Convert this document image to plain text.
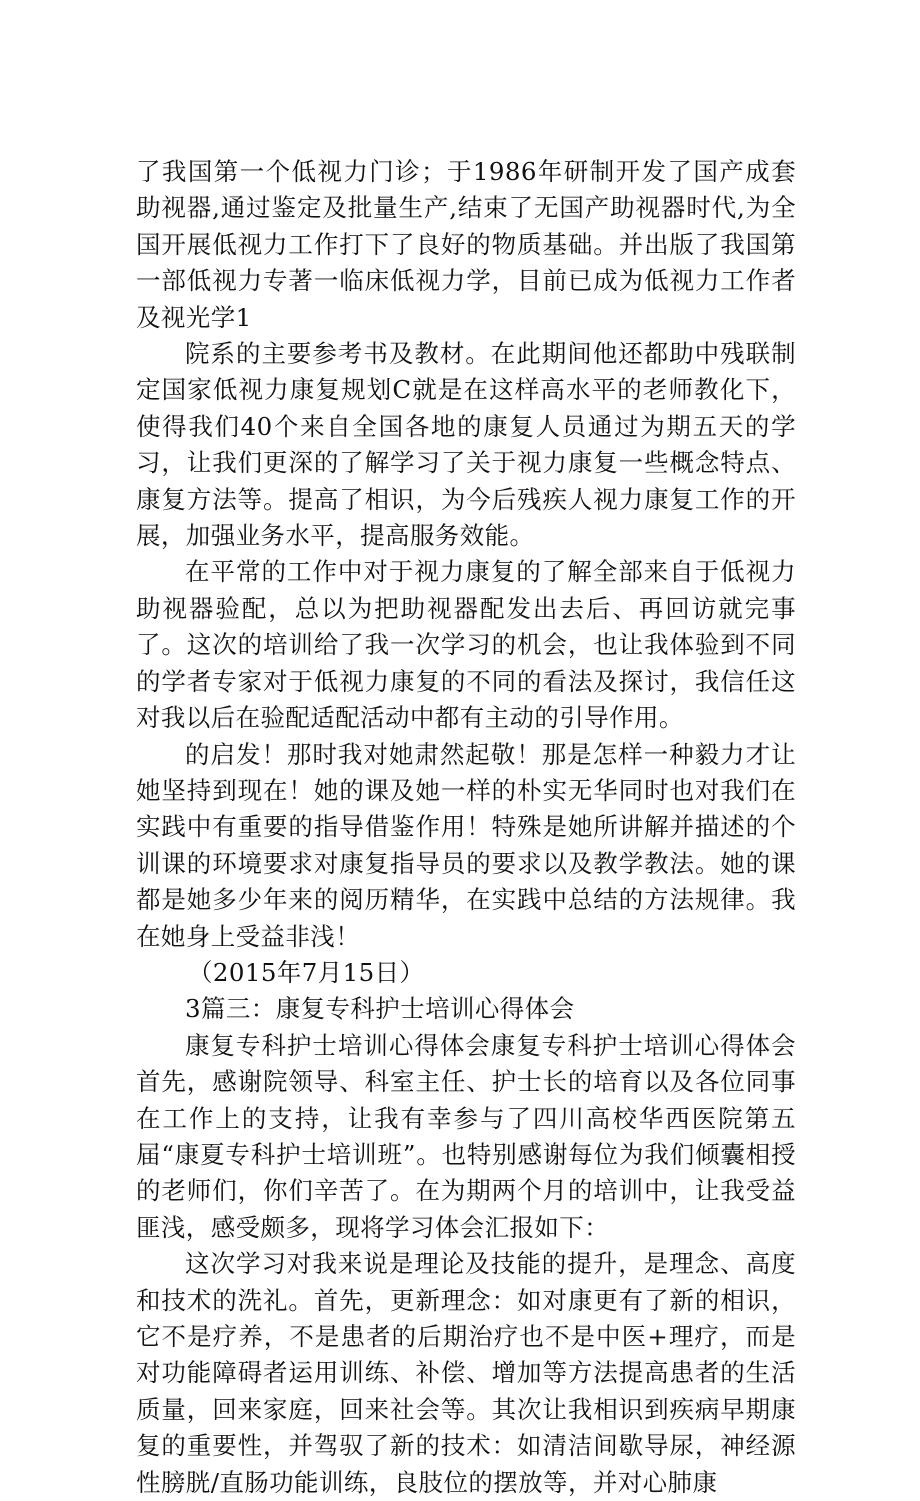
了我国第一个低视力门诊；于1986年研制开发了国产成套助视器,通过鉴定及批量生产,结束了无国产助视器时代,为全国开展低视力工作打下了良好的物质基础。并出版了我国第一部低视力专著一临床低视力学，目前已成为低视力工作者及视光学1

院系的主要参考书及教材。在此期间他还都助中残联制定国家低视力康复规划C就是在这样高水平的老师教化下，使得我们40个来自全国各地的康复人员通过为期五天的学习，让我们更深的了解学习了关于视力康复一些概念特点、康复方法等。提高了相识，为今后残疾人视力康复工作的开展，加强业务水平，提高服务效能。

在平常的工作中对于视力康复的了解全部来自于低视力助视器验配，总以为把助视器配发出去后、再回访就完事了。这次的培训给了我一次学习的机会，也让我体验到不同的学者专家对于低视力康复的不同的看法及探讨，我信任这对我以后在验配适配活动中都有主动的引导作用。

的启发！那时我对她肃然起敬！那是怎样一种毅力才让她坚持到现在！她的课及她一样的朴实无华同时也对我们在实践中有重要的指导借鉴作用！特殊是她所讲解并描述的个训课的环境要求对康复指导员的要求以及教学教法。她的课都是她多少年来的阅历精华，在实践中总结的方法规律。我在她身上受益非浅！

（2015年7月15日）

3篇三：康复专科护士培训心得体会

康复专科护士培训心得体会康复专科护士培训心得体会首先，感谢院领导、科室主任、护士长的培育以及各位同事在工作上的支持，让我有幸参与了四川高校华西医院第五届“康夏专科护士培训班”。也特别感谢每位为我们倾囊相授的老师们，你们辛苦了。在为期两个月的培训中，让我受益匪浅，感受颇多，现将学习体会汇报如下：

这次学习对我来说是理论及技能的提升，是理念、高度和技术的洗礼。首先，更新理念：如对康更有了新的相识，它不是疗养，不是患者的后期治疗也不是中医+理疗，而是对功能障碍者运用训练、补偿、增加等方法提高患者的生活质量，回来家庭，回来社会等。其次让我相识到疾病早期康复的重要性，并驾驭了新的技术：如清洁间歇导尿，神经源性膀胱/直肠功能训练，良肢位的摆放等，并对心肺康
